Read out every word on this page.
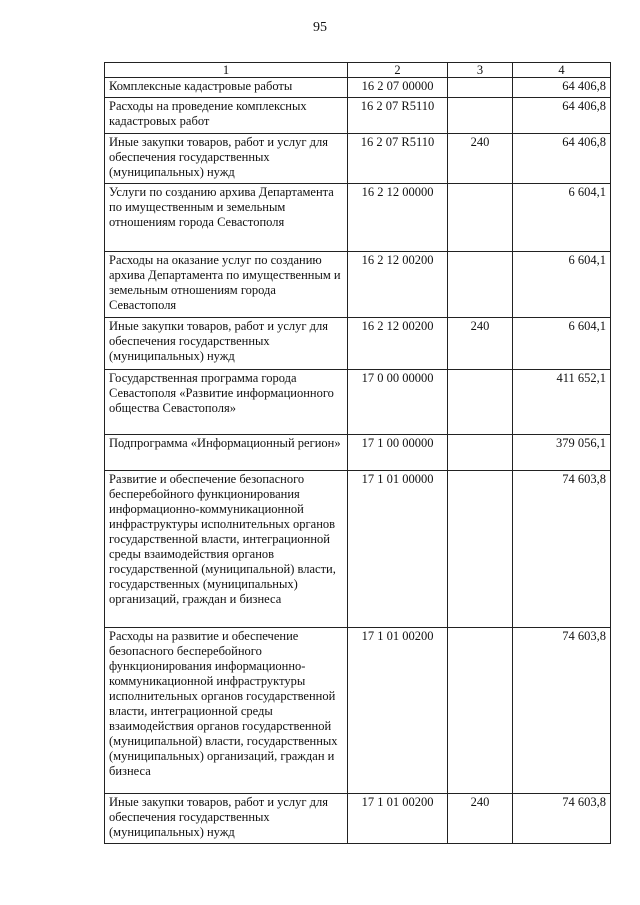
95
1	2	3	4
Комплексные кадастровые работы	16 2 07 00000		64 406,8
Расходы на проведение комплексных кадастровых работ	16 2 07 R5110		64 406,8
Иные закупки товаров, работ и услуг для обеспечения государственных (муниципальных) нужд	16 2 07 R5110	240	64 406,8
Услуги по созданию архива Департамента по имущественным и земельным отношениям города Севастополя	16 2 12 00000		6 604,1
Расходы на оказание услуг по созданию архива Департамента по имущественным и земельным отношениям города Севастополя	16 2 12 00200		6 604,1
Иные закупки товаров, работ и услуг для обеспечения государственных (муниципальных) нужд	16 2 12 00200	240	6 604,1
Государственная программа города Севастополя «Развитие информационного общества Севастополя»	17 0 00 00000		411 652,1
Подпрограмма «Информационный регион»	17 1 00 00000		379 056,1
Развитие и обеспечение безопасного бесперебойного функционирования информационно-коммуникационной инфраструктуры исполнительных органов государственной власти, интеграционной среды взаимодействия органов государственной (муниципальной) власти, государственных (муниципальных) организаций, граждан и бизнеса	17 1 01 00000		74 603,8
Расходы на развитие и обеспечение безопасного бесперебойного функционирования информационно-коммуникационной инфраструктуры исполнительных органов государственной власти, интеграционной среды взаимодействия органов государственной (муниципальной) власти, государственных (муниципальных) организаций, граждан и бизнеса	17 1 01 00200		74 603,8
Иные закупки товаров, работ и услуг для обеспечения государственных (муниципальных) нужд	17 1 01 00200	240	74 603,8
